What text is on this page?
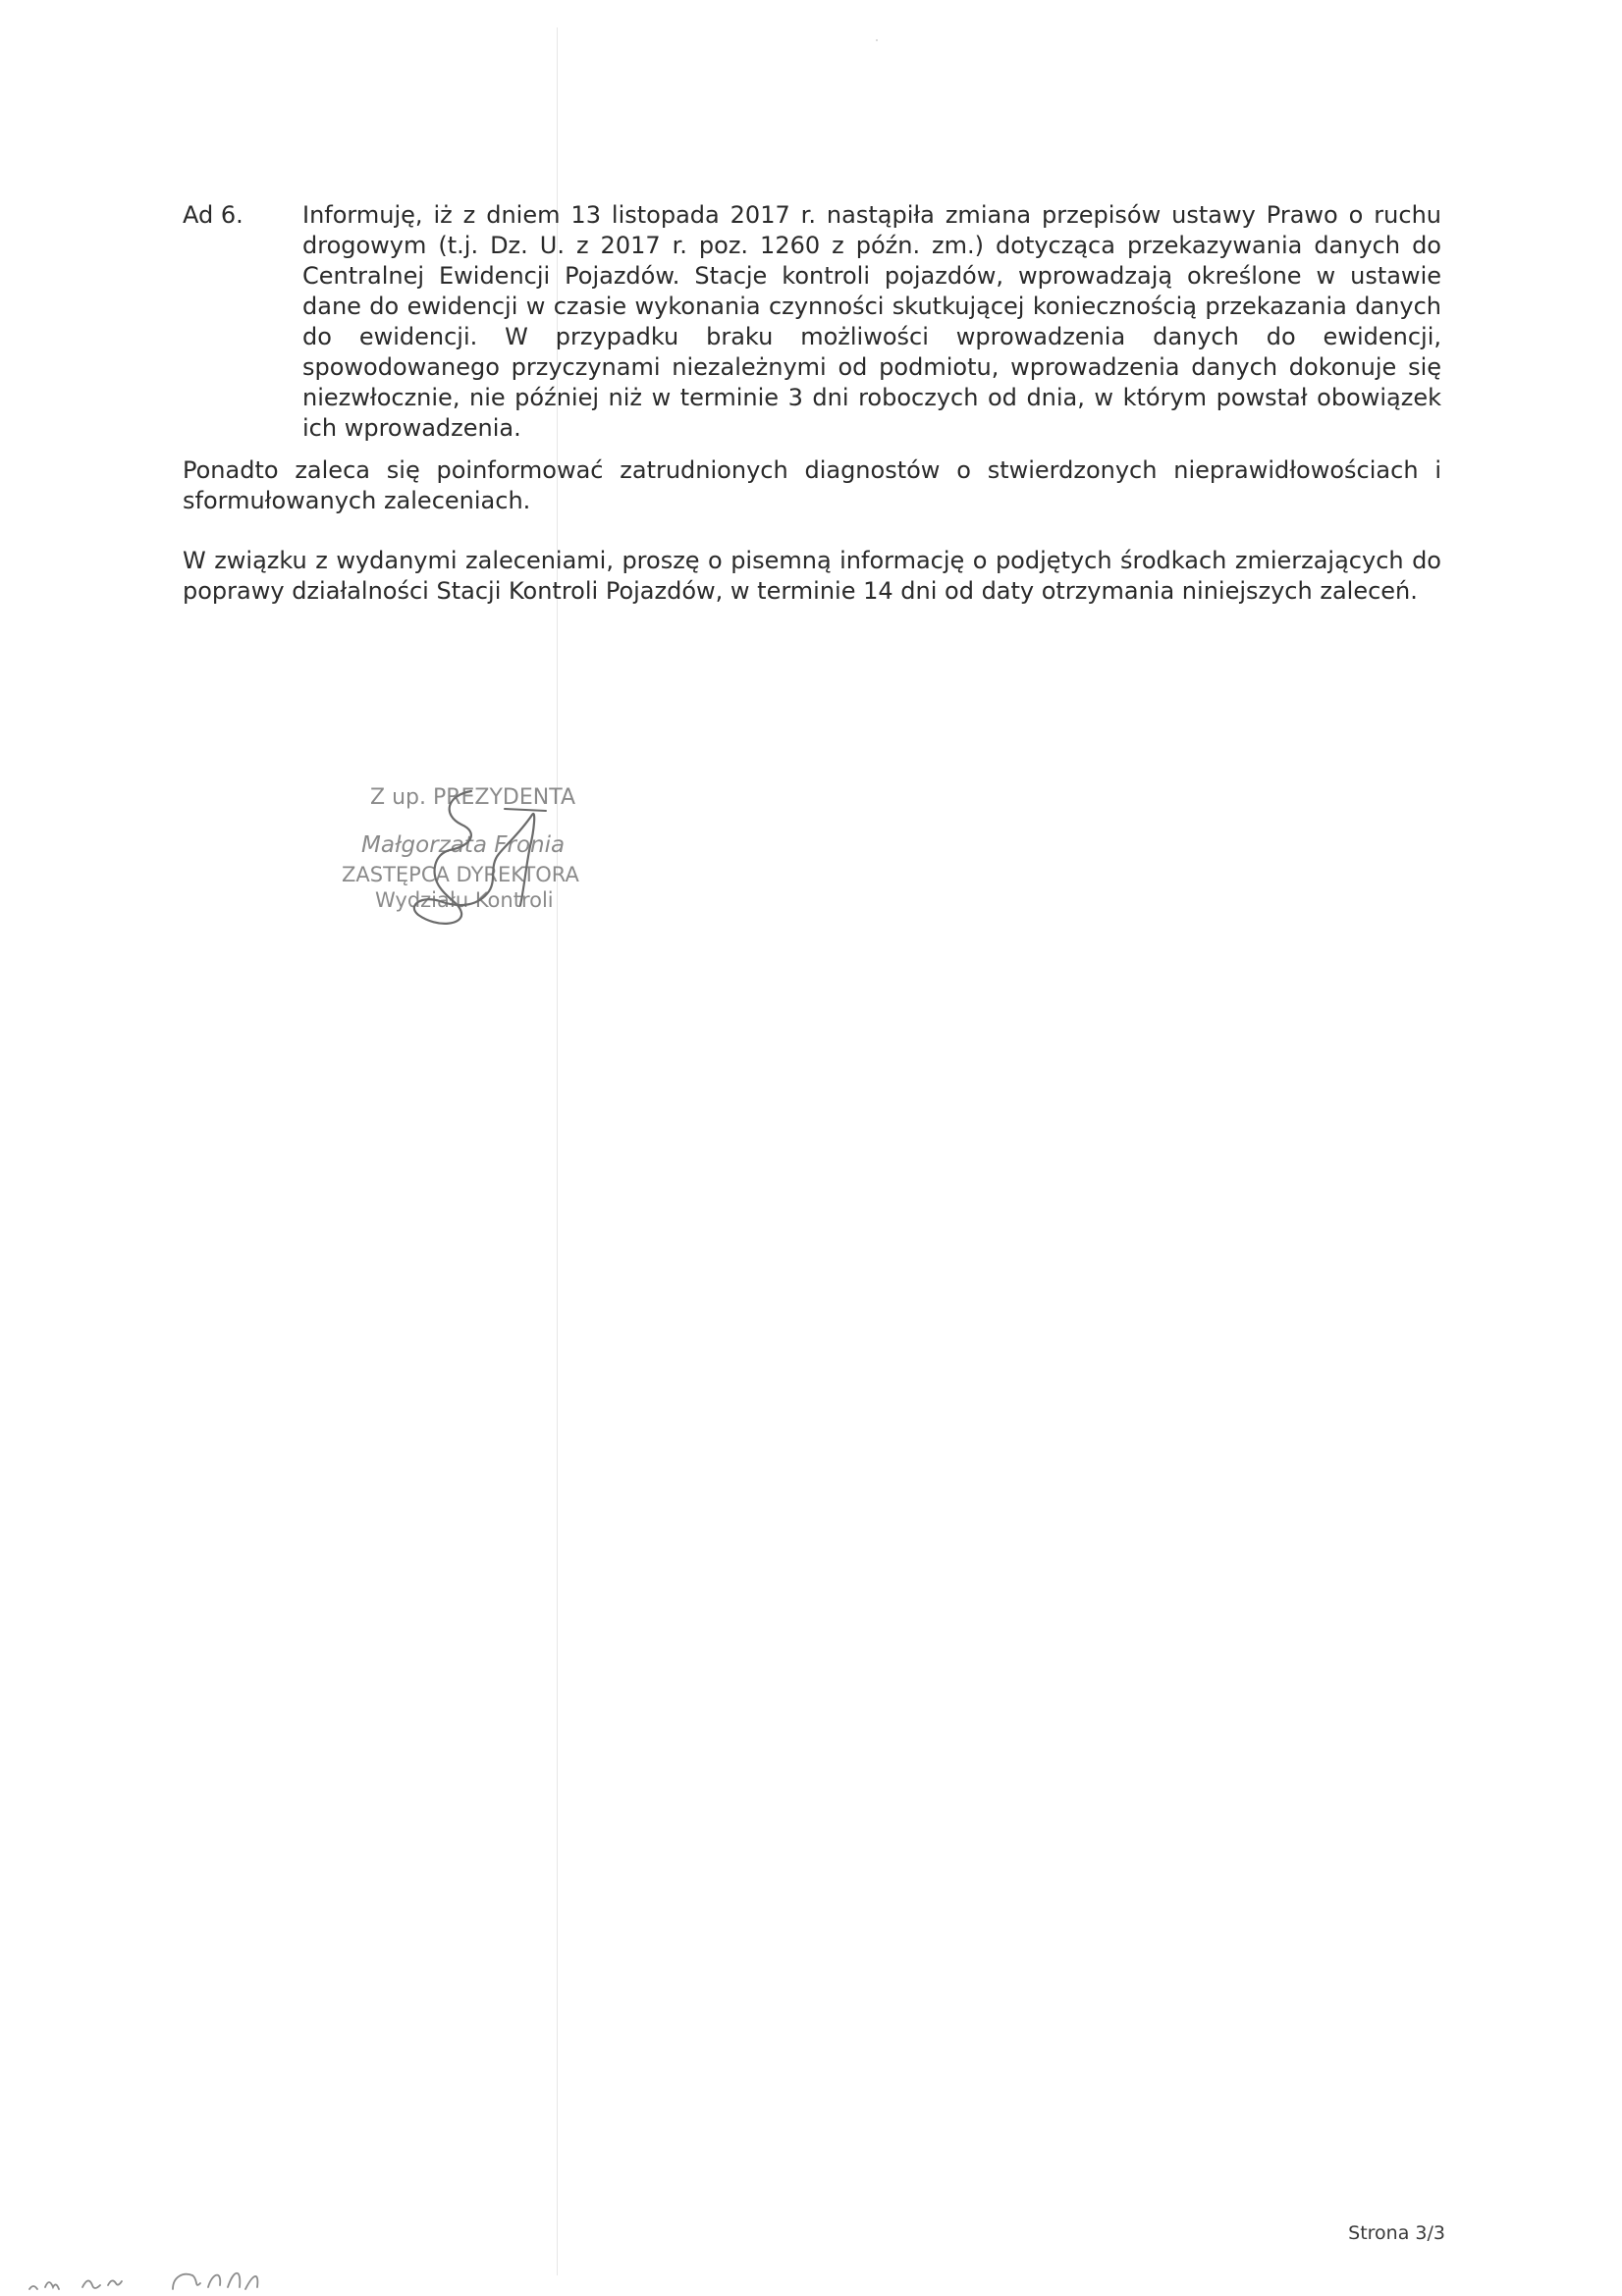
Ad 6.	Informuję, iż z dniem 13 listopada 2017 r. nastąpiła zmiana przepisów ustawy Prawo o ruchu drogowym (t.j. Dz. U. z 2017 r. poz. 1260 z późn. zm.) dotycząca przekazywania danych do Centralnej Ewidencji Pojazdów. Stacje kontroli pojazdów, wprowadzają określone w ustawie dane do ewidencji w czasie wykonania czynności skutkującej koniecznością przekazania danych do ewidencji. W przypadku braku możliwości wprowadzenia danych do ewidencji, spowodowanego przyczynami niezależnymi od podmiotu, wprowadzenia danych dokonuje się niezwłocznie, nie później niż w terminie 3 dni roboczych od dnia, w którym powstał obowiązek ich wprowadzenia.

Ponadto zaleca się poinformować zatrudnionych diagnostów o stwierdzonych nieprawidłowościach i sformułowanych zaleceniach.

W związku z wydanymi zaleceniami, proszę o pisemną informację o podjętych środkach zmierzających do poprawy działalności Stacji Kontroli Pojazdów, w terminie 14 dni od daty otrzymania niniejszych zaleceń.

Z up. PREZYDENTA
Małgorzata Fronia
ZASTĘPCA DYREKTORA
Wydziału Kontroli
Strona 3/3
